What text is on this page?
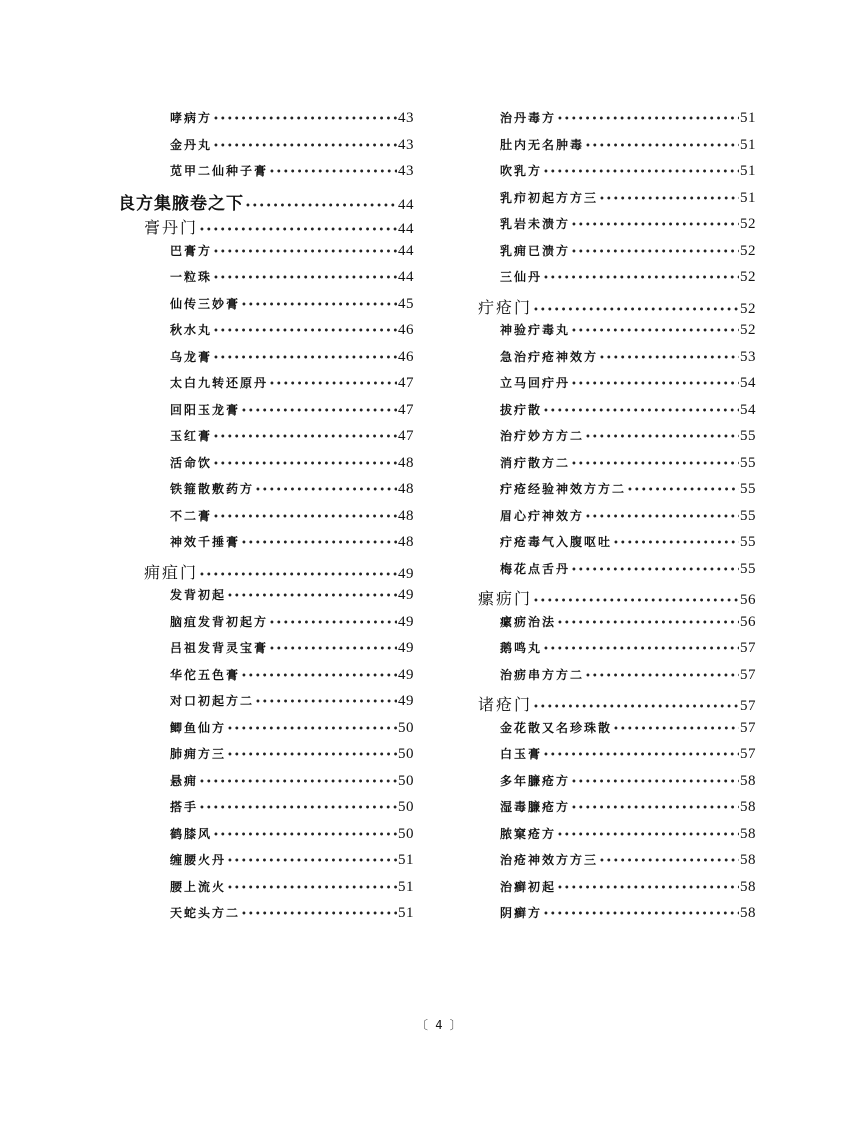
哮病方 •••••	43
金丹丸 •••••	43
苋甲二仙种子膏 •••••	43
良方集腋卷之下 •••••	44
膏丹门 •••••	44
巴膏方 •••••	44
一粒珠 •••••	44
仙传三妙膏 •••••	45
秋水丸 •••••	46
乌龙膏 •••••	46
太白九转还原丹 •••••	47
回阳玉龙膏 •••••	47
玉红膏 •••••	47
活命饮 •••••	48
铁箍散敷药方 •••••	48
不二膏 •••••	48
神效千捶膏 •••••	48
痈疽门 •••••	49
发背初起 •••••	49
脑疽发背初起方 •••••	49
吕祖发背灵宝膏 •••••	49
华佗五色膏 •••••	49
对口初起方二 •••••	49
鲫鱼仙方 •••••	50
肺痈方三 •••••	50
悬痈 •••••	50
搭手 •••••	50
鹤膝风 •••••	50
缠腰火丹 •••••	51
腰上流火 •••••	51
天蛇头方二 •••••	51
治丹毒方 •••••	51
肚内无名肿毒 •••••	51
吹乳方 •••••	51
乳疖初起方方三 •••••	51
乳岩未溃方 •••••	52
乳痈已溃方 •••••	52
三仙丹 •••••	52
疔疮门 •••••	52
神验疔毒丸 •••••	52
急治疔疮神效方 •••••	53
立马回疔丹 •••••	54
拔疔散 •••••	54
治疔妙方方二 •••••	55
消疔散方二 •••••	55
疔疮经验神效方方二 •••••	55
眉心疔神效方 •••••	55
疔疮毒气入腹呕吐 •••••	55
梅花点舌丹 •••••	55
瘰疬门 •••••	56
瘰疬治法 •••••	56
鹅鸣丸 •••••	57
治疬串方方二 •••••	57
诸疮门 •••••	57
金花散又名珍珠散 •••••	57
白玉膏 •••••	57
多年臁疮方 •••••	58
湿毒臁疮方 •••••	58
脓窠疮方 •••••	58
治疮神效方方三 •••••	58
治癣初起 •••••	58
阴癣方 •••••	58
〔 4 〕
